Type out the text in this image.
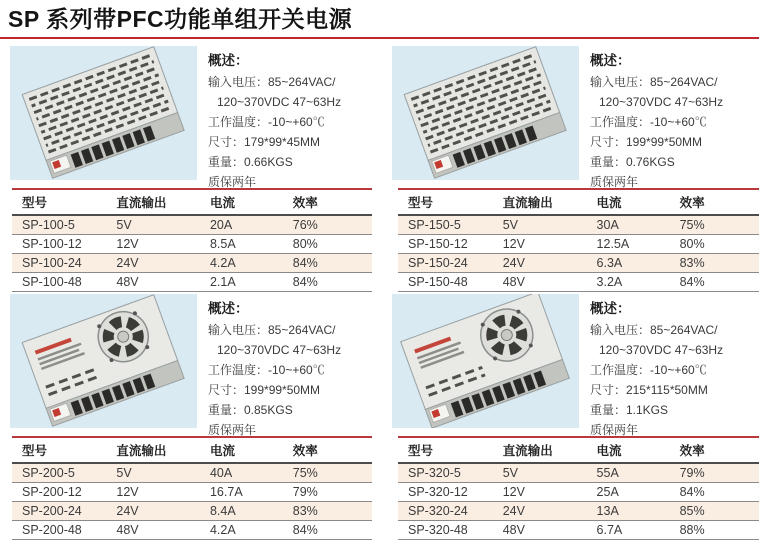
SP 系列带PFC功能单组开关电源
概述：
输入电压：85~264VAC/
120~370VDC 47~63Hz
工作温度：-10~+60℃
尺寸：179*99*45MM
重量：0.66KGS
质保两年
型号	直流输出	电流	效率
SP-100-5	5V	20A	76%
SP-100-12	12V	8.5A	80%
SP-100-24	24V	4.2A	84%
SP-100-48	48V	2.1A	84%
概述：
输入电压：85~264VAC/
120~370VDC 47~63Hz
工作温度：-10~+60℃
尺寸：199*99*50MM
重量：0.76KGS
质保两年
型号	直流输出	电流	效率
SP-150-5	5V	30A	75%
SP-150-12	12V	12.5A	80%
SP-150-24	24V	6.3A	83%
SP-150-48	48V	3.2A	84%
概述：
输入电压：85~264VAC/
120~370VDC 47~63Hz
工作温度：-10~+60℃
尺寸：199*99*50MM
重量：0.85KGS
质保两年
型号	直流输出	电流	效率
SP-200-5	5V	40A	75%
SP-200-12	12V	16.7A	79%
SP-200-24	24V	8.4A	83%
SP-200-48	48V	4.2A	84%
概述：
输入电压：85~264VAC/
120~370VDC 47~63Hz
工作温度：-10~+60℃
尺寸：215*115*50MM
重量：1.1KGS
质保两年
型号	直流输出	电流	效率
SP-320-5	5V	55A	79%
SP-320-12	12V	25A	84%
SP-320-24	24V	13A	85%
SP-320-48	48V	6.7A	88%
